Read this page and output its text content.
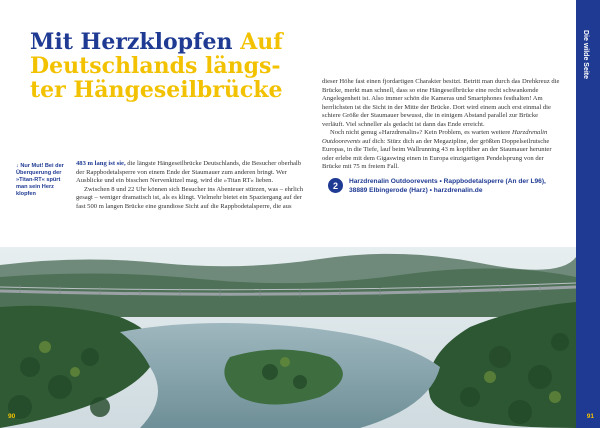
Mit Herzklopfen Auf
Deutschlands längs-
ter Hängeseilbrücke
↓ Nur Mut! Bei der Überquerung der »Titan-RT« spürt man sein Herz klopfen

483 m lang ist sie, die längste Hängeseilbrücke Deutschlands, die Besucher oberhalb der Rappbodetalsperre von einem Ende der Staumauer zum anderen bringt. Wer Ausblicke und ein bisschen Nervenkitzel mag, wird die »Titan RT« lieben.

Zwischen 8 und 22 Uhr können sich Besucher ins Abenteuer stürzen, was – ehrlich gesagt – weniger dramatisch ist, als es klingt. Vielmehr bietet ein Spaziergang auf der fast 500 m langen Brücke eine grandiose Sicht auf die Rappbodetalsperre, die aus

dieser Höhe fast einen fjordartigen Charakter besitzt. Betritt man durch das Drehkreuz die Brücke, merkt man schnell, dass so eine Hängeseilbrücke eine recht schwankende Angelegenheit ist. Also immer schön die Kameras und Smartphones festhalten! Am herrlichsten ist die Sicht in der Mitte der Brücke. Dort wird einem auch erst einmal die schiere Größe der Staumauer bewusst, die in einigem Abstand parallel zur Brücke verläuft. Viel schneller als gedacht ist dann das Ende erreicht.

Noch nicht genug »Harzdrenalin«? Kein Problem, es warten weitere Harzdrenalin Outdoorevents auf dich: Stürz dich an der Megazipline, der größten Doppelseilrutsche Europas, in die Tiefe, lauf beim Wallrunning 43 m kopfüber an der Staumauer herunter oder erlebe mit dem Gigaswing einen in Europa einzigartigen Pendelsprung von der Brücke mit 75 m freiem Fall.

2	Harzdrenalin Outdoorevents • Rappbodetalsperre (An der L96), 38889 Elbingerode (Harz) • harzdrenalin.de
Die wilde Seite
90	91
